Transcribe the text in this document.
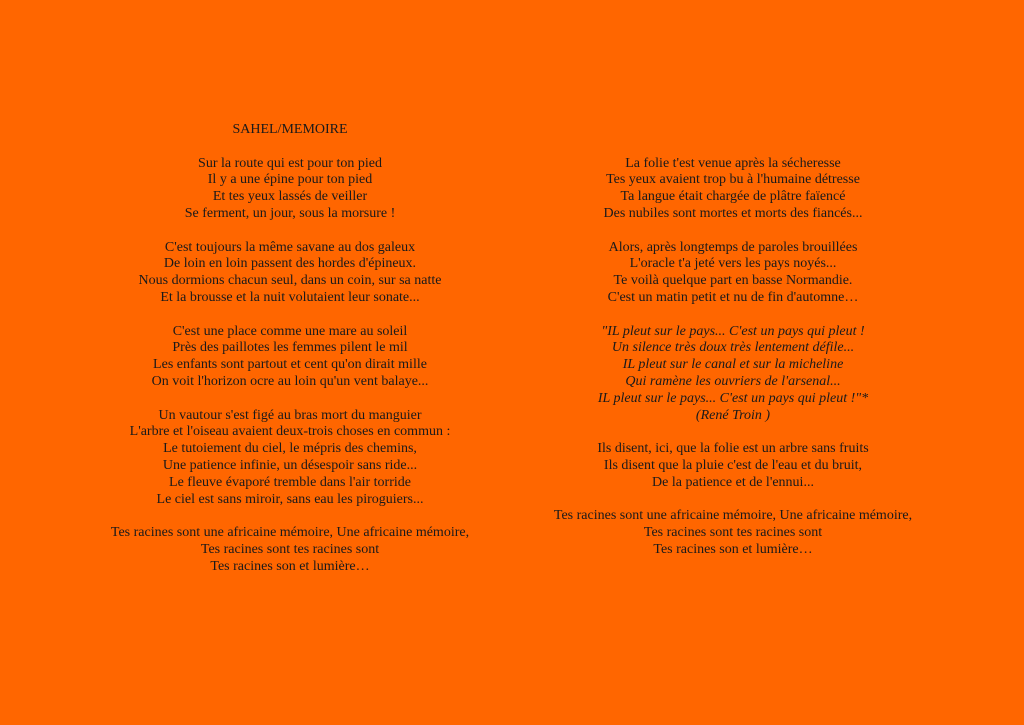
SAHEL/MEMOIRE
Sur la route qui est pour ton pied
Il y a une épine pour ton pied
Et tes yeux lassés de veiller
Se ferment, un jour, sous la morsure !
C'est toujours la même savane au dos galeux
De loin en loin passent des hordes d'épineux.
Nous dormions chacun seul, dans un coin, sur sa natte
Et la brousse et la nuit volutaient leur sonate...
C'est une place comme une mare au soleil
Près des paillotes les femmes pilent le mil
Les enfants sont partout et cent qu'on dirait mille
On voit l'horizon ocre au loin qu'un vent balaye...
Un vautour s'est figé au bras mort du manguier
L'arbre et l'oiseau avaient deux-trois choses en commun :
Le tutoiement du ciel, le mépris des chemins,
Une patience infinie, un désespoir sans ride...
Le fleuve évaporé tremble dans l'air torride
Le ciel est sans miroir, sans eau les piroguiers...
Tes racines sont une africaine mémoire, Une africaine mémoire,
Tes racines sont tes racines sont
Tes racines son et lumière…
La folie t'est venue après la sécheresse
Tes yeux avaient trop bu à l'humaine détresse
Ta langue était chargée de plâtre faïencé
Des nubiles sont mortes et morts des fiancés...
Alors, après longtemps de paroles brouillées
L'oracle t'a jeté vers les pays noyés...
Te voilà quelque part en basse Normandie.
C'est un matin petit et nu de fin d'automne…
"IL pleut sur le pays... C'est un pays qui pleut !
Un silence très doux très lentement défile...
IL pleut sur le canal et sur la micheline
Qui ramène les ouvriers de l'arsenal...
IL pleut sur le pays... C'est un pays qui pleut !"*
(René Troin )
Ils disent, ici, que la folie est un arbre sans fruits
Ils disent que la pluie c'est de l'eau et du bruit,
De la patience et de l'ennui...
Tes racines sont une africaine mémoire, Une africaine mémoire,
Tes racines sont tes racines sont
Tes racines son et lumière…
